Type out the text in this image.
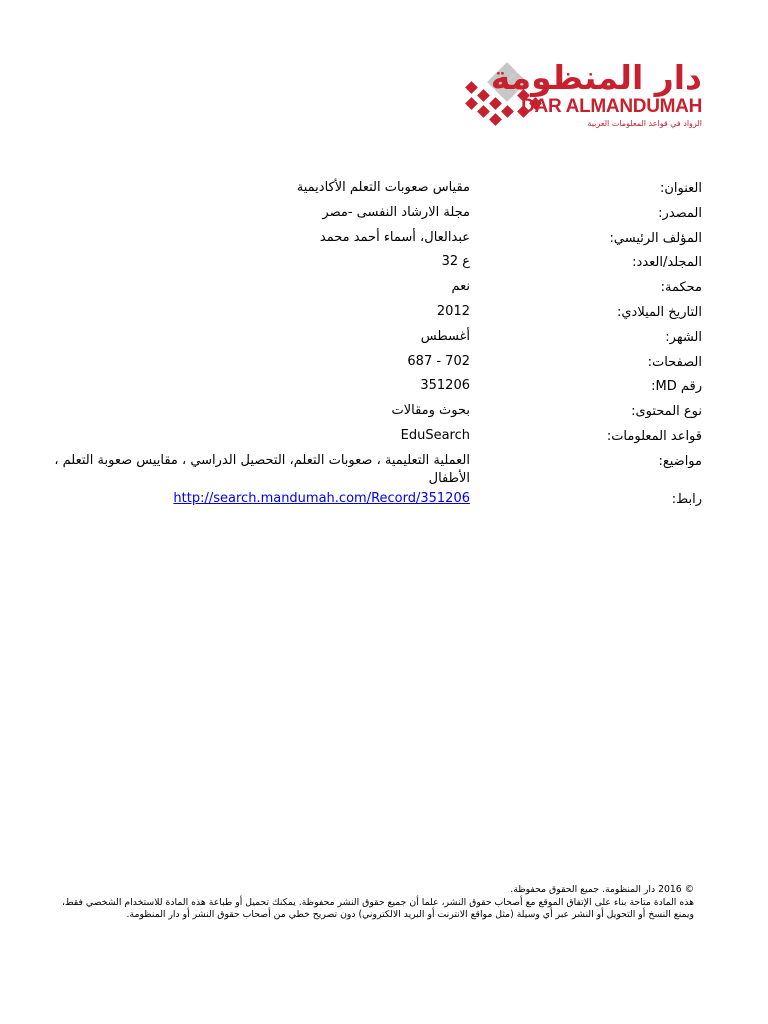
دار المنظومة
DAR ALMANDUMAH
الرواد في قواعد المعلومات العربية
العنوان:
مقياس صعوبات التعلم الأكاديمية
المصدر:
مجلة الارشاد النفسى -مصر
المؤلف الرئيسي:
عبدالعال، أسماء أحمد محمد
المجلد/العدد:
ع 32
محكمة:
نعم
التاريخ الميلادي:
2012
الشهر:
أغسطس
الصفحات:
687 - 702
رقم MD:
351206
نوع المحتوى:
بحوث ومقالات
قواعد المعلومات:
EduSearch
مواضيع:
العملية التعليمية ، صعوبات التعلم، التحصيل الدراسي ، مقاييس صعوبة التعلم ، الأطفال
رابط:
http://search.mandumah.com/Record/351206

© 2016 دار المنظومة. جميع الحقوق محفوظة.

هذه المادة متاحة بناء على الإتفاق الموقع مع أصحاب حقوق النشر، علما أن جميع حقوق النشر محفوظة. يمكنك تحميل أو طباعة هذه المادة للاستخدام الشخصي فقط، ويمنع النسخ أو التحويل أو النشر عبر أي وسيلة (مثل مواقع الانترنت أو البريد الالكتروني) دون تصريح خطي من أصحاب حقوق النشر أو دار المنظومة.
